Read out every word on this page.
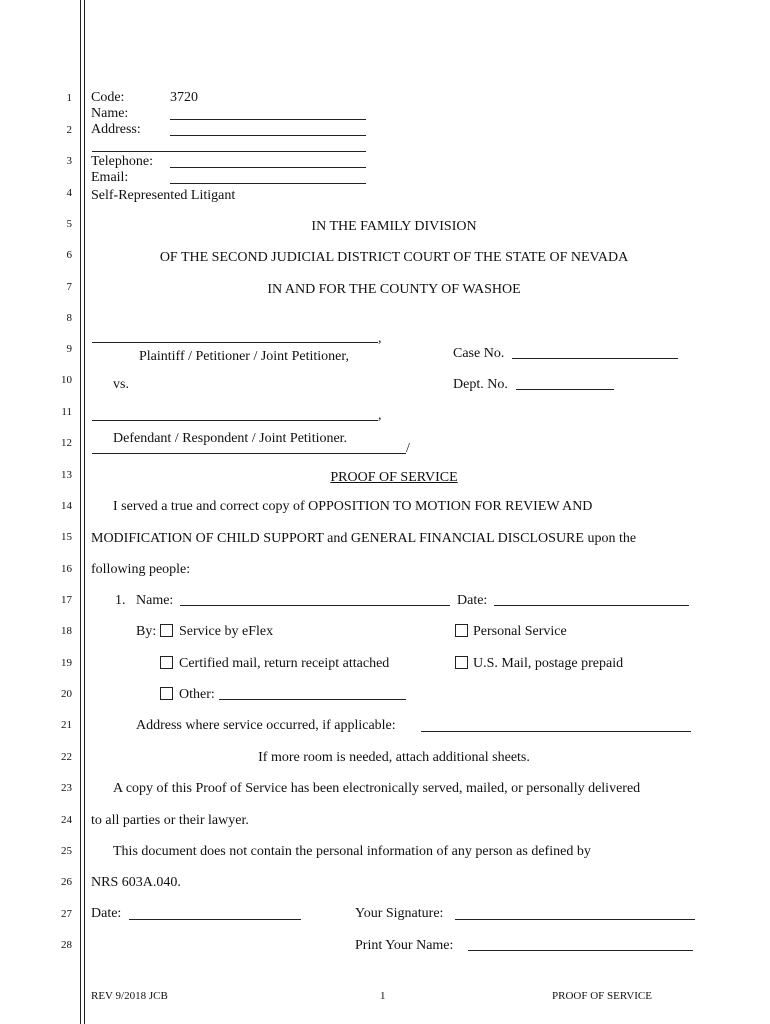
1
2
3
4
5
6
7
8
9
10
11
12
13
14
15
16
17
18
19
20
21
22
23
24
25
26
27
28
Code:	3720
Name:
Address:
Telephone:
Email:
Self-Represented Litigant
IN THE FAMILY DIVISION
OF THE SECOND JUDICIAL DISTRICT COURT OF THE STATE OF NEVADA
IN AND FOR THE COUNTY OF WASHOE
,
Plaintiff / Petitioner / Joint Petitioner,	Case No.
vs.	Dept. No.
,
Defendant / Respondent / Joint Petitioner.
/
PROOF OF SERVICE
I served a true and correct copy of OPPOSITION TO MOTION FOR REVIEW AND
MODIFICATION OF CHILD SUPPORT and GENERAL FINANCIAL DISCLOSURE upon the
following people:
1. Name:	Date:
By: Service by eFlex	Personal Service
Certified mail, return receipt attached	U.S. Mail, postage prepaid
Other:
Address where service occurred, if applicable:
If more room is needed, attach additional sheets.
A copy of this Proof of Service has been electronically served, mailed, or personally delivered
to all parties or their lawyer.
This document does not contain the personal information of any person as defined by
NRS 603A.040.
Date:	Your Signature:
Print Your Name:
REV 9/2018 JCB	1	PROOF OF SERVICE
